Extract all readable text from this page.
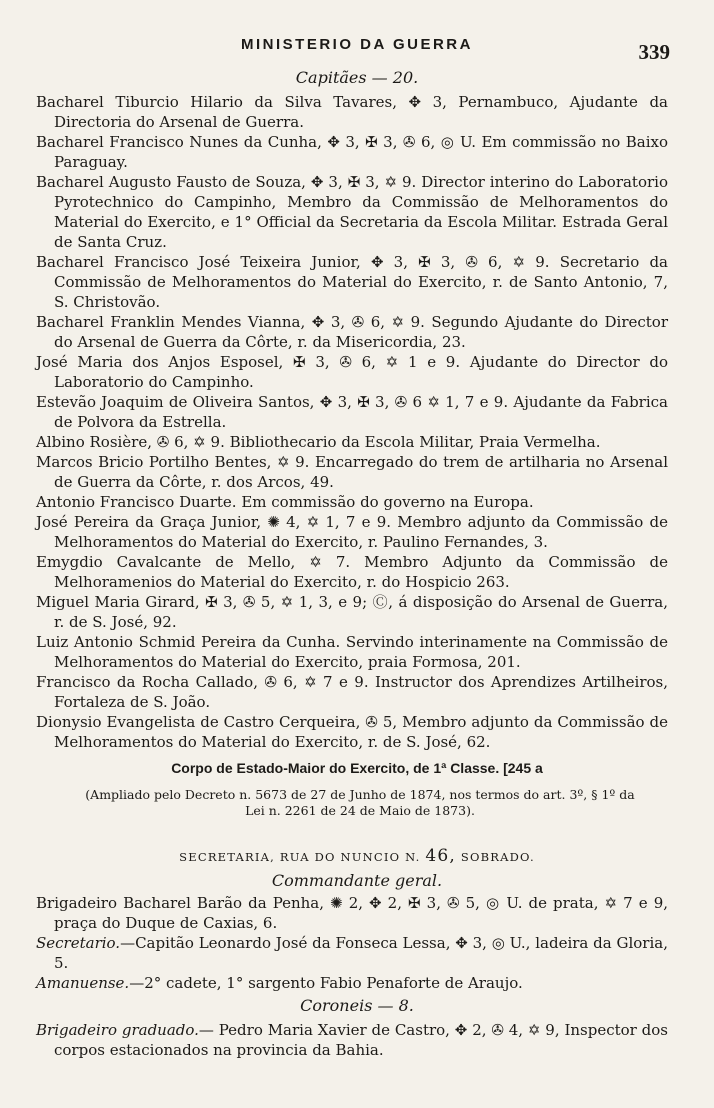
MINISTERIO DA GUERRA	339
Capitães — 20.

Bacharel Tiburcio Hilario da Silva Tavares, ✥ 3, Pernambuco, Ajudante da Directoria do Arsenal de Guerra.

Bacharel Francisco Nunes da Cunha, ✥ 3, ✠ 3, ✇ 6, ◎ U. Em commissão no Baixo Paraguay.

Bacharel Augusto Fausto de Souza, ✥ 3, ✠ 3, ✡ 9. Director interino do Laboratorio Pyrotechnico do Campinho, Membro da Commissão de Melhoramentos do Material do Exercito, e 1° Official da Secretaria da Escola Militar. Estrada Geral de Santa Cruz.

Bacharel Francisco José Teixeira Junior, ✥ 3, ✠ 3, ✇ 6, ✡ 9. Secretario da Commissão de Melhoramentos do Material do Exercito, r. de Santo Antonio, 7, S. Christovão.

Bacharel Franklin Mendes Vianna, ✥ 3, ✇ 6, ✡ 9. Segundo Ajudante do Director do Arsenal de Guerra da Côrte, r. da Misericordia, 23.

José Maria dos Anjos Esposel, ✠ 3, ✇ 6, ✡ 1 e 9. Ajudante do Director do Laboratorio do Campinho.

Estevão Joaquim de Oliveira Santos, ✥ 3, ✠ 3, ✇ 6 ✡ 1, 7 e 9. Ajudante da Fabrica de Polvora da Estrella.

Albino Rosière, ✇ 6, ✡ 9. Bibliothecario da Escola Militar, Praia Vermelha.

Marcos Bricio Portilho Bentes, ✡ 9. Encarregado do trem de artilharia no Arsenal de Guerra da Côrte, r. dos Arcos, 49.

Antonio Francisco Duarte. Em commissão do governo na Europa.

José Pereira da Graça Junior, ✺ 4, ✡ 1, 7 e 9. Membro adjunto da Commissão de Melhoramentos do Material do Exercito, r. Paulino Fernandes, 3.

Emygdio Cavalcante de Mello, ✡ 7. Membro Adjunto da Commissão de Melhoramenios do Material do Exercito, r. do Hospicio 263.

Miguel Maria Girard, ✠ 3, ✇ 5, ✡ 1, 3, e 9; Ⓒ, á disposição do Arsenal de Guerra, r. de S. José, 92.

Luiz Antonio Schmid Pereira da Cunha. Servindo interinamente na Commissão de Melhoramentos do Material do Exercito, praia Formosa, 201.

Francisco da Rocha Callado, ✇ 6, ✡ 7 e 9. Instructor dos Aprendizes Artilheiros, Fortaleza de S. João.

Dionysio Evangelista de Castro Cerqueira, ✇ 5, Membro adjunto da Commissão de Melhoramentos do Material do Exercito, r. de S. José, 62.

Corpo de Estado-Maior do Exercito, de 1ª Classe. [245 a
(Ampliado pelo Decreto n. 5673 de 27 de Junho de 1874, nos termos do art. 3º, § 1º da Lei n. 2261 de 24 de Maio de 1873).
SECRETARIA, RUA DO NUNCIO N. 46, SOBRADO.
Commandante geral.

Brigadeiro Bacharel Barão da Penha, ✺ 2, ✥ 2, ✠ 3, ✇ 5, ◎ U. de prata, ✡ 7 e 9, praça do Duque de Caxias, 6.

Secretario.—Capitão Leonardo José da Fonseca Lessa, ✥ 3, ◎ U., ladeira da Gloria, 5.

Amanuense.—2° cadete, 1° sargento Fabio Penaforte de Araujo.

Coroneis — 8.

Brigadeiro graduado.— Pedro Maria Xavier de Castro, ✥ 2, ✇ 4, ✡ 9, Inspector dos corpos estacionados na provincia da Bahia.
